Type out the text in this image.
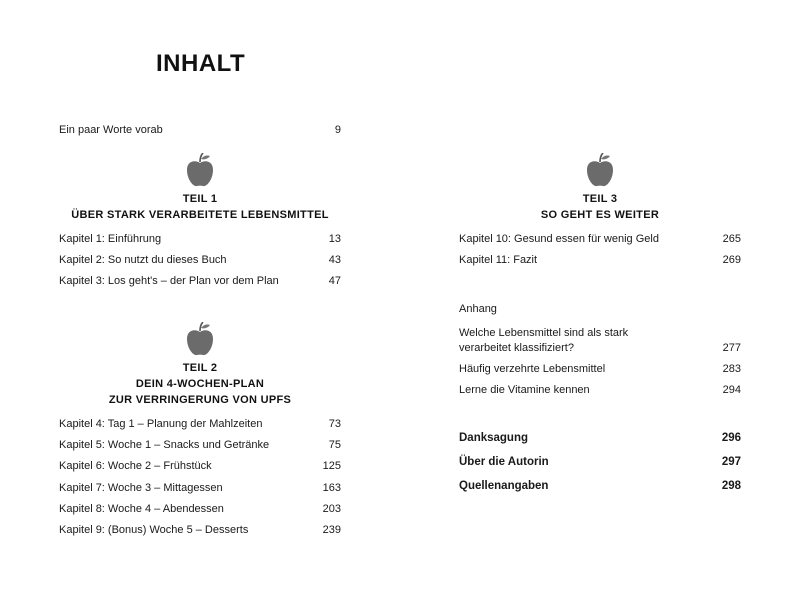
INHALT
Ein paar Worte vorab	9
TEIL 1
ÜBER STARK VERARBEITETE LEBENSMITTEL
Kapitel 1: Einführung	13
Kapitel 2: So nutzt du dieses Buch	43
Kapitel 3: Los geht's – der Plan vor dem Plan	47
TEIL 2
DEIN 4-WOCHEN-PLAN
ZUR VERRINGERUNG VON UPFS
Kapitel 4: Tag 1 – Planung der Mahlzeiten	73
Kapitel 5: Woche 1 – Snacks und Getränke	75
Kapitel 6: Woche 2 – Frühstück	125
Kapitel 7: Woche 3 – Mittagessen	163
Kapitel 8: Woche 4 – Abendessen	203
Kapitel 9: (Bonus) Woche 5 – Desserts	239
TEIL 3
SO GEHT ES WEITER
Kapitel 10: Gesund essen für wenig Geld	265
Kapitel 11: Fazit	269
Anhang
Welche Lebensmittel sind als stark
verarbeitet klassifiziert?	277
Häufig verzehrte Lebensmittel	283
Lerne die Vitamine kennen	294
Danksagung	296
Über die Autorin	297
Quellenangaben	298
